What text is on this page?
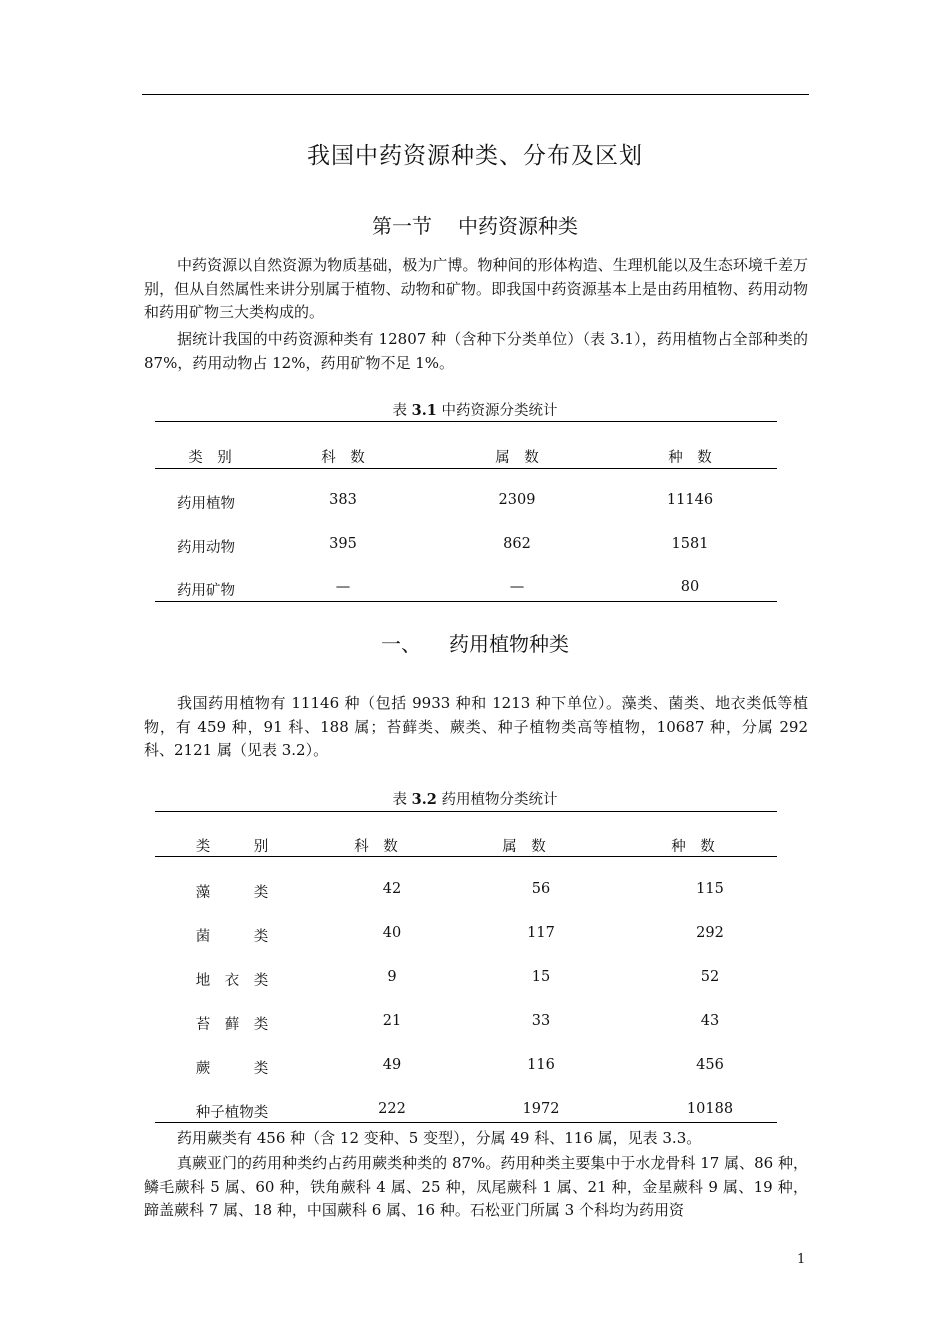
我国中药资源种类、分布及区划
第一节 中药资源种类

中药资源以自然资源为物质基础，极为广博。物种间的形体构造、生理机能以及生态环境千差万别，但从自然属性来讲分别属于植物、动物和矿物。即我国中药资源基本上是由药用植物、药用动物和药用矿物三大类构成的。

据统计我国的中药资源种类有 12807 种（含种下分类单位）（表 3.1），药用植物占全部种类的 87%，药用动物占 12%，药用矿物不足 1%。

表 3.1 中药资源分类统计
类　别	科　数	属　数	种　数
药用植物	383	2309	11146
药用动物	395	862	1581
药用矿物	—	—	80
一、 药用植物种类

我国药用植物有 11146 种（包括 9933 种和 1213 种下单位）。藻类、菌类、地衣类低等植物，有 459 种，91 科、188 属；苔藓类、蕨类、种子植物类高等植物，10687 种，分属 292 科、2121 属（见表 3.2）。

表 3.2 药用植物分类统计
类　　　别	科　数	属　数	种　数
藻　　　类	42	56	115
菌　　　类	40	117	292
地　衣　类	9	15	52
苔　藓　类	21	33	43
蕨　　　类	49	116	456
种子植物类	222	1972	10188

药用蕨类有 456 种（含 12 变种、5 变型），分属 49 科、116 属，见表 3.3。

真蕨亚门的药用种类约占药用蕨类种类的 87%。药用种类主要集中于水龙骨科 17 属、86 种，鳞毛蕨科 5 属、60 种，铁角蕨科 4 属、25 种，凤尾蕨科 1 属、21 种，金星蕨科 9 属、19 种，蹄盖蕨科 7 属、18 种，中国蕨科 6 属、16 种。石松亚门所属 3 个科均为药用资

1
